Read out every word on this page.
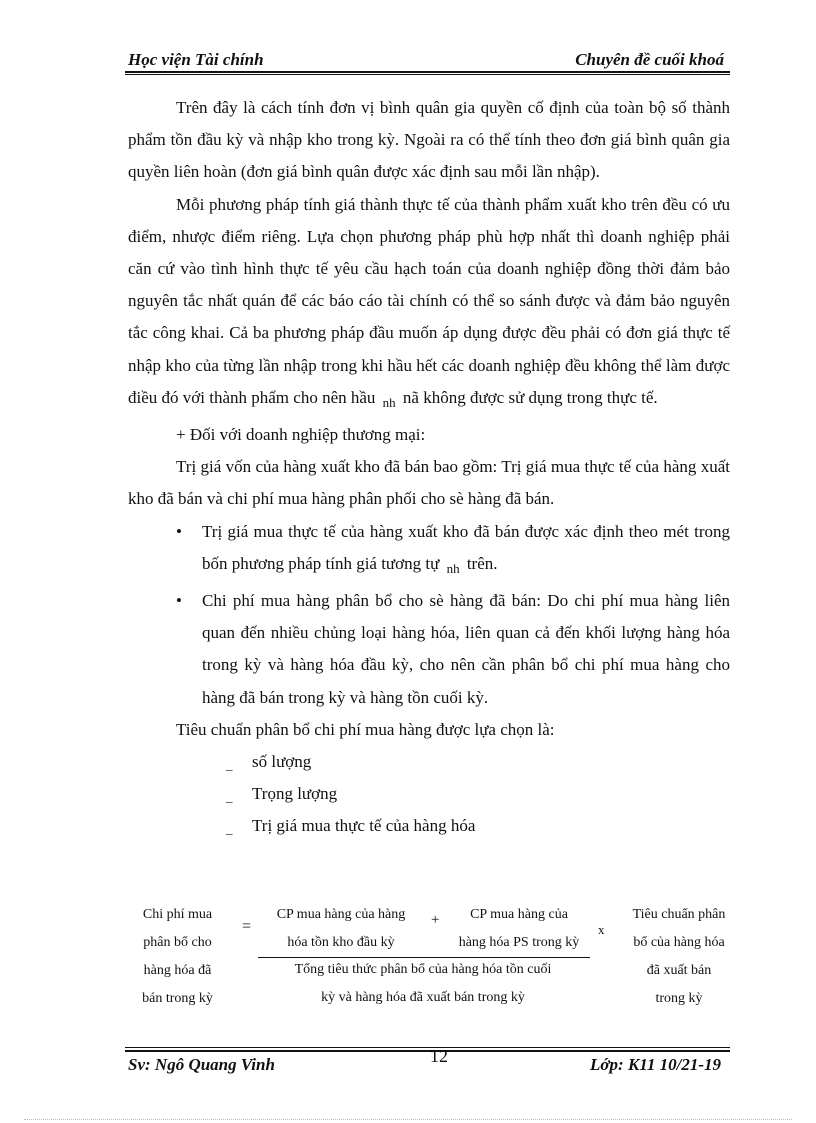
Học viện Tài chính	Chuyên đề cuối khoá

Trên đây là cách tính đơn vị bình quân gia quyền cố định của toàn bộ số thành phẩm tồn đầu kỳ và nhập kho trong kỳ. Ngoài ra có thể tính theo đơn giá bình quân gia quyền liên hoàn (đơn giá bình quân được xác định sau mỗi lần nhập).

Mỗi phương pháp tính giá thành thực tế của thành phẩm xuất kho trên đều có ưu điểm, nhược điểm riêng. Lựa chọn phương pháp phù hợp nhất thì doanh nghiệp phải căn cứ vào tình hình thực tế yêu cầu hạch toán của doanh nghiệp đồng thời đảm bảo nguyên tắc nhất quán để các báo cáo tài chính có thể so sánh được và đảm bảo nguyên tắc công khai. Cả ba phương pháp đầu muốn áp dụng được đều phải có đơn giá thực tế nhập kho của từng lần nhập trong khi hầu hết các doanh nghiệp đều không thể làm được điều đó với thành phẩm cho nên hầu $_{nh}$ nã không được sử dụng trong thực tế.

+ Đối với doanh nghiệp thương mại:

Trị giá vốn của hàng xuất kho đã bán bao gồm: Trị giá mua thực tế của hàng xuất kho đã bán và chi phí mua hàng phân phối cho sè hàng đã bán.

• Trị giá mua thực tế của hàng xuất kho đã bán được xác định theo mét trong bốn phương pháp tính giá tương tự $_{nh}$ trên.
• Chi phí mua hàng phân bổ cho sè hàng đã bán: Do chi phí mua hàng liên quan đến nhiều chủng loại hàng hóa, liên quan cả đến khối lượng hàng hóa trong kỳ và hàng hóa đầu kỳ, cho nên cần phân bổ chi phí mua hàng cho hàng đã bán trong kỳ và hàng tồn cuối kỳ.

Tiêu chuẩn phân bổ chi phí mua hàng được lựa chọn là:

_ số lượng
_ Trọng lượng
_ Trị giá mua thực tế của hàng hóa
Chi phí mua
phân bổ cho
hàng hóa đã
bán trong kỳ
=
CP mua hàng của hàng
hóa tồn kho đầu kỳ
+	CP mua hàng của
hàng hóa PS trong kỳ
x
Tiêu chuẩn phân
bổ của hàng hóa
đã xuất bán
trong kỳ
Tổng tiêu thức phân bổ của hàng hóa tồn cuối
kỳ và hàng hóa đã xuất bán trong kỳ
Sv: Ngô Quang Vinh	12	Lớp: K11 10/21-19
